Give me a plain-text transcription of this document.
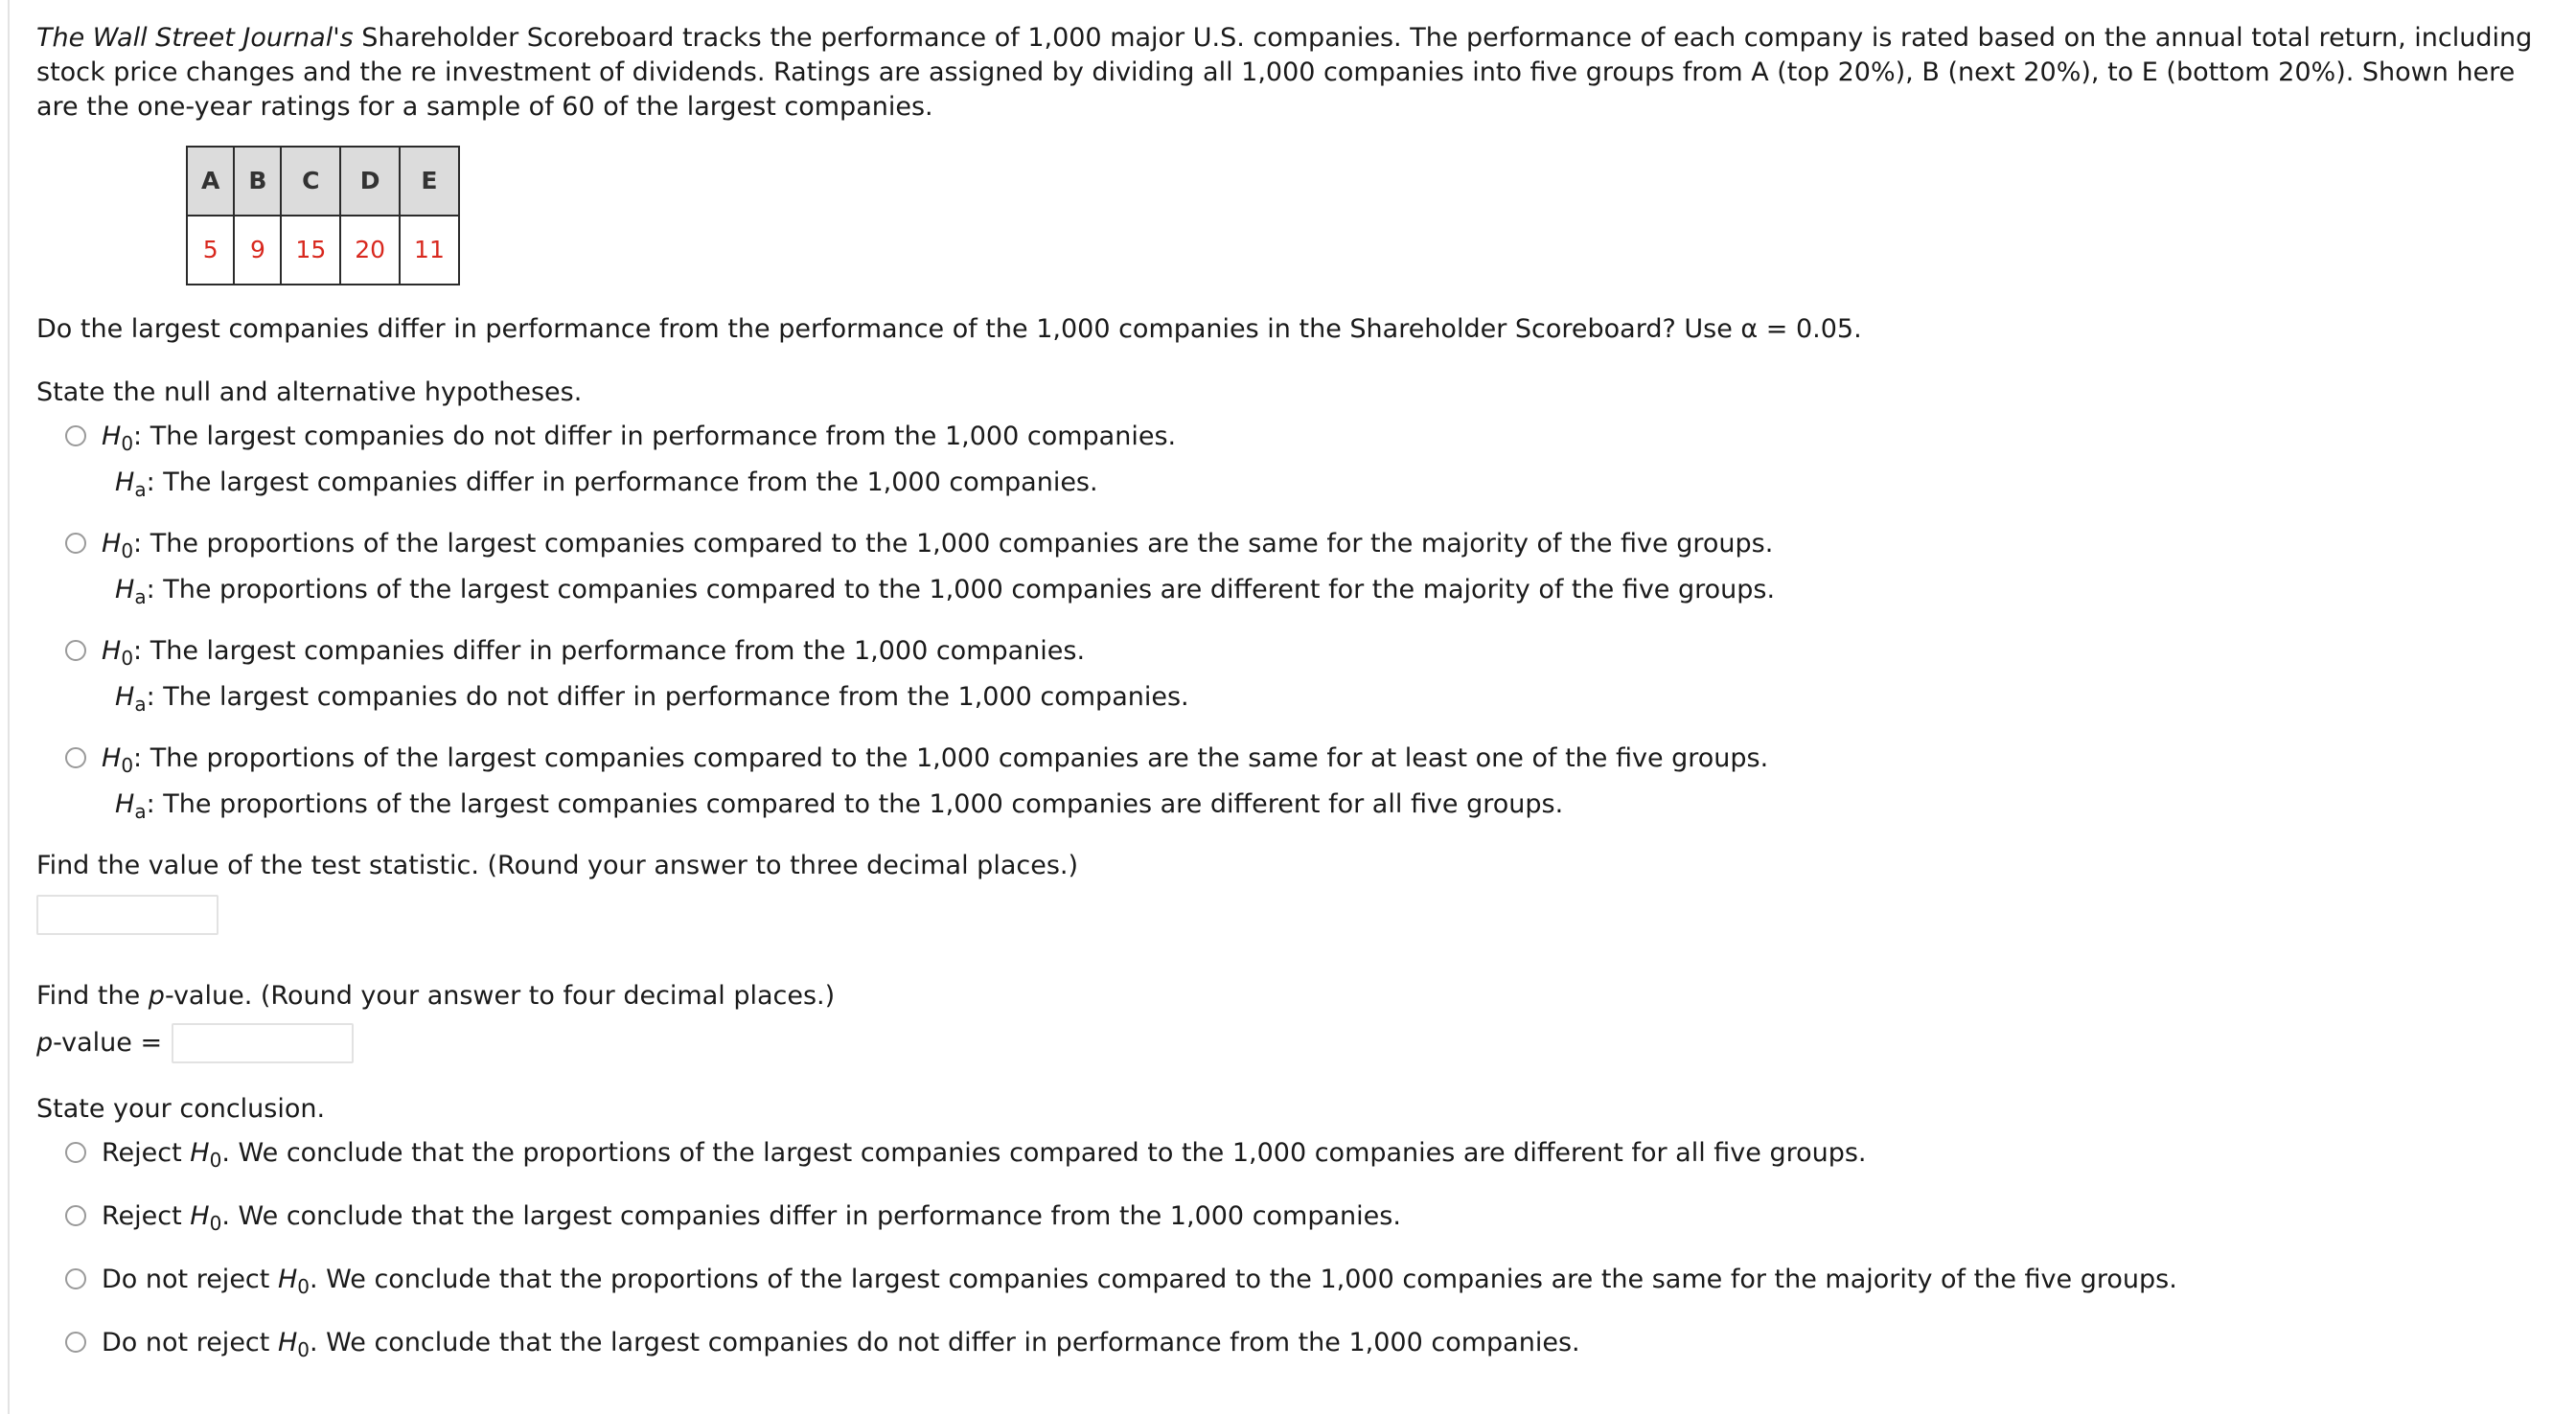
The Wall Street Journal's Shareholder Scoreboard tracks the performance of 1,000 major U.S. companies. The performance of each company is rated based on the annual total return, including stock price changes and the re investment of dividends. Ratings are assigned by dividing all 1,000 companies into five groups from A (top 20%), B (next 20%), to E (bottom 20%). Shown here are the one-year ratings for a sample of 60 of the largest companies.

A	B	C	D	E
5	9	15	20	11

Do the largest companies differ in performance from the performance of the 1,000 companies in the Shareholder Scoreboard? Use α = 0.05.

State the null and alternative hypotheses.

$H_0$: The largest companies do not differ in performance from the 1,000 companies.
$H_a$: The largest companies differ in performance from the 1,000 companies.
$H_0$: The proportions of the largest companies compared to the 1,000 companies are the same for the majority of the five groups.
$H_a$: The proportions of the largest companies compared to the 1,000 companies are different for the majority of the five groups.
$H_0$: The largest companies differ in performance from the 1,000 companies.
$H_a$: The largest companies do not differ in performance from the 1,000 companies.
$H_0$: The proportions of the largest companies compared to the 1,000 companies are the same for at least one of the five groups.
$H_a$: The proportions of the largest companies compared to the 1,000 companies are different for all five groups.

Find the value of the test statistic. (Round your answer to three decimal places.)

Find the p-value. (Round your answer to four decimal places.)

p -value =

State your conclusion.

Reject $H_0$. We conclude that the proportions of the largest companies compared to the 1,000 companies are different for all five groups.
Reject $H_0$. We conclude that the largest companies differ in performance from the 1,000 companies.
Do not reject $H_0$. We conclude that the proportions of the largest companies compared to the 1,000 companies are the same for the majority of the five groups.
Do not reject $H_0$. We conclude that the largest companies do not differ in performance from the 1,000 companies.
